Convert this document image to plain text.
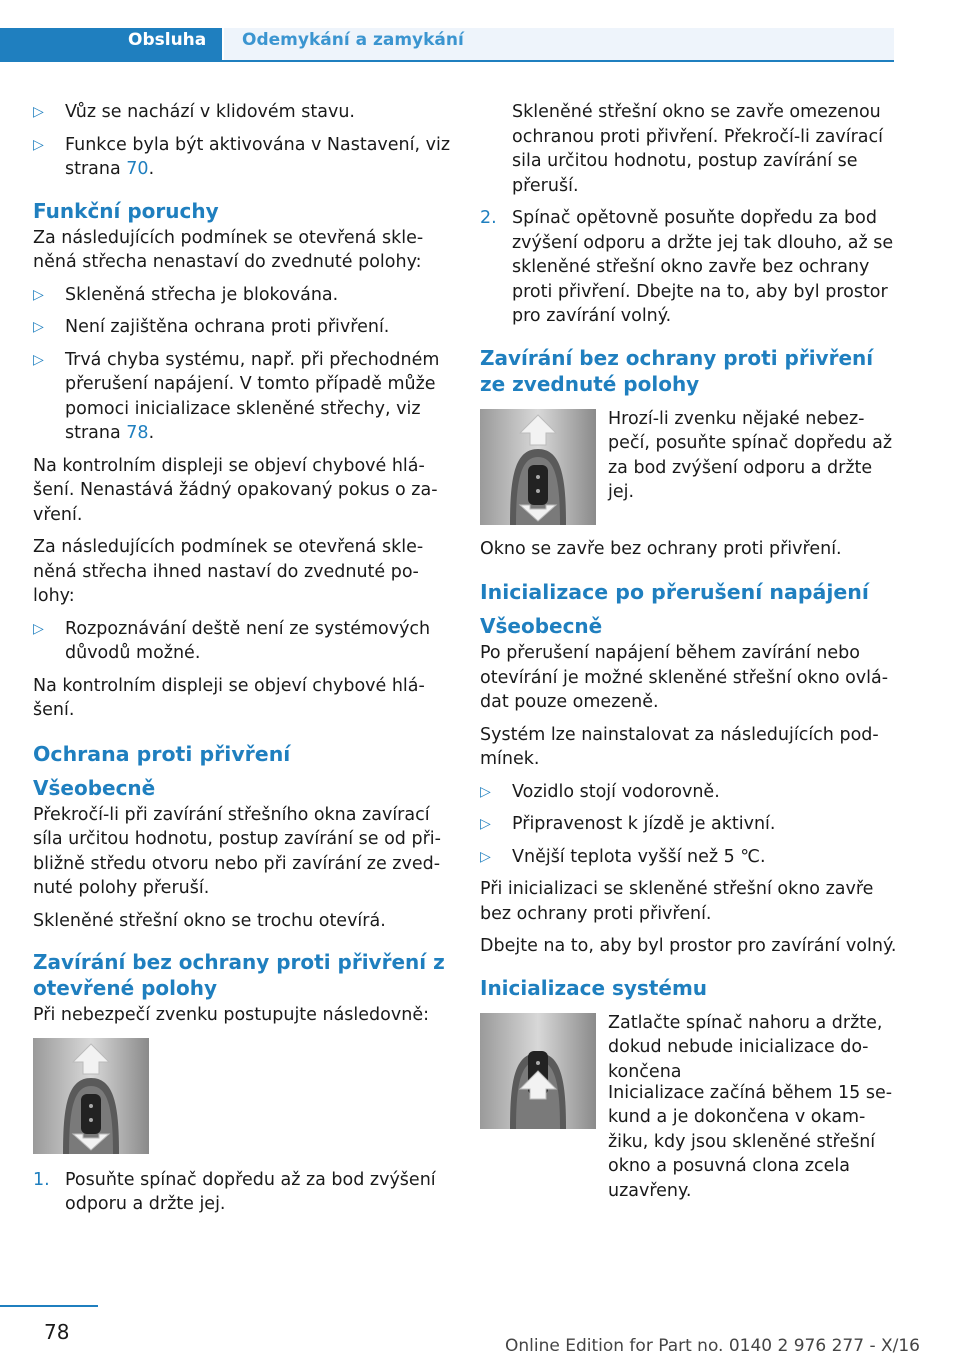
Obsluha Odemykání a zamykání
▷ Vůz se nachází v klidovém stavu.
▷ Funkce byla být aktivována v Nastavení, viz strana 70.
Funkční poruchy

Za následujících podmínek se otevřená skle‐něná střecha nenastaví do zvednuté polohy:

▷ Skleněná střecha je blokována.
▷ Není zajištěna ochrana proti přivření.
▷ Trvá chyba systému, např. při přechodném přerušení napájení. V tomto případě může pomoci inicializace skleněné střechy, viz strana 78.

Na kontrolním displeji se objeví chybové hlá‐šení. Nenastává žádný opakovaný pokus o za‐vření.

Za následujících podmínek se otevřená skle‐něná střecha ihned nastaví do zvednuté po‐lohy:

▷ Rozpoznávání deště není ze systémových důvodů možné.

Na kontrolním displeji se objeví chybové hlá‐šení.

Ochrana proti přivření
Všeobecně

Překročí-li při zavírání střešního okna zavírací síla určitou hodnotu, postup zavírání se od při‐bližně středu otvoru nebo při zavírání ze zved‐nuté polohy přeruší.

Skleněné střešní okno se trochu otevírá.

Zavírání bez ochrany proti přivření z otevřené polohy

Při nebezpečí zvenku postupujte následovně:

1. Posuňte spínač dopředu až za bod zvýšení odporu a držte jej.

Skleněné střešní okno se zavře omezenou ochranou proti přivření. Překročí-li zavírací sila určitou hodnotu, postup zavírání se přeruší.

2. Spínač opětovně posuňte dopředu za bod zvýšení odporu a držte jej tak dlouho, až se skleněné střešní okno zavře bez ochrany proti přivření. Dbejte na to, aby byl prostor pro zavírání volný.
Zavírání bez ochrany proti přivření ze zvednuté polohy

Hrozí-li zvenku nějaké nebez‐pečí, posuňte spínač dopředu až za bod zvýšení odporu a držte jej.

Okno se zavře bez ochrany proti přivření.

Inicializace po přerušení napájení
Všeobecně

Po přerušení napájení během zavírání nebo otevírání je možné skleněné střešní okno ovlá‐dat pouze omezeně.

Systém lze nainstalovat za následujících pod‐mínek.

▷ Vozidlo stojí vodorovně.
▷ Připravenost k jízdě je aktivní.
▷ Vnější teplota vyšší než 5 ℃.

Při inicializaci se skleněné střešní okno zavře bez ochrany proti přivření.

Dbejte na to, aby byl prostor pro zavírání volný.

Inicializace systému

Zatlačte spínač nahoru a držte, dokud nebude inicializace do‐končena

Inicializace začíná během 15 se‐kund a je dokončena v okam‐žiku, kdy jsou skleněné střešní okno a posuvná clona zcela uzavřeny.

78
Online Edition for Part no. 0140 2 976 277 - X/16
